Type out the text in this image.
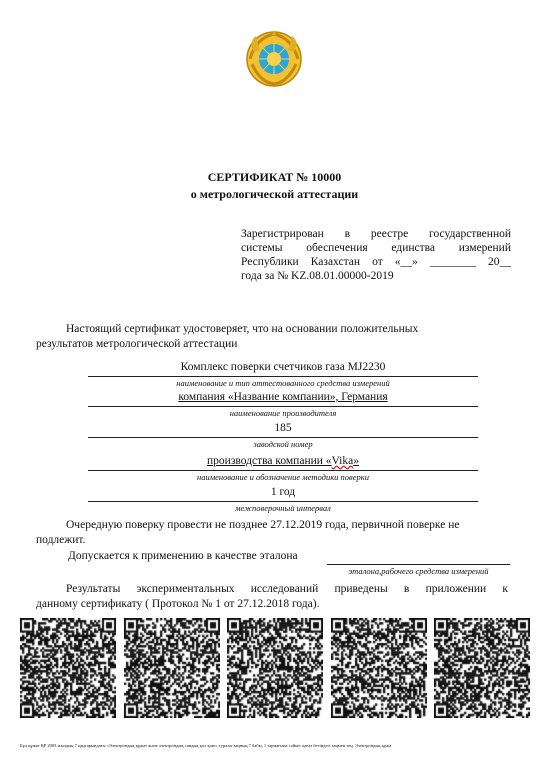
СЕРТИФИКАТ № 10000
о метрологической аттестации
Зарегистрирован в реестре государственной
системы обеспечения единства измерений
Республики Казахстан от «__» ________ 20__
года за № KZ.08.01.00000-2019
Настоящий сертификат удостоверяет, что на основании положительных
результатов метрологической аттестации
Комплекс поверки счетчиков газа MJ2230
наименование и тип аттестованного средства измерений
компания «Название компании», Германия
наименование производителя
185
заводской номер
производства компании «Vika»
наименование и обозначение методики поверки
1 год
межповерочный интервал
Очередную поверку провести не позднее 27.12.2019 года, первичной поверке не
подлежит.
Допускается к применению в качестве эталона
эталона,рабочего средства измерений
Результаты экспериментальных исследований приведены в приложении к
данному сертификату ( Протокол № 1 от 27.12.2018 года).
Бұл құжат ҚР 2003 жылдың 7 қаңтарындағы «Электрондық құжат және электрондық сандық қол қою» туралы заңның 7 бабы, 1 тармағына сәйкес қағаз бетіндегі заңмен тең. Электрондық құжа
